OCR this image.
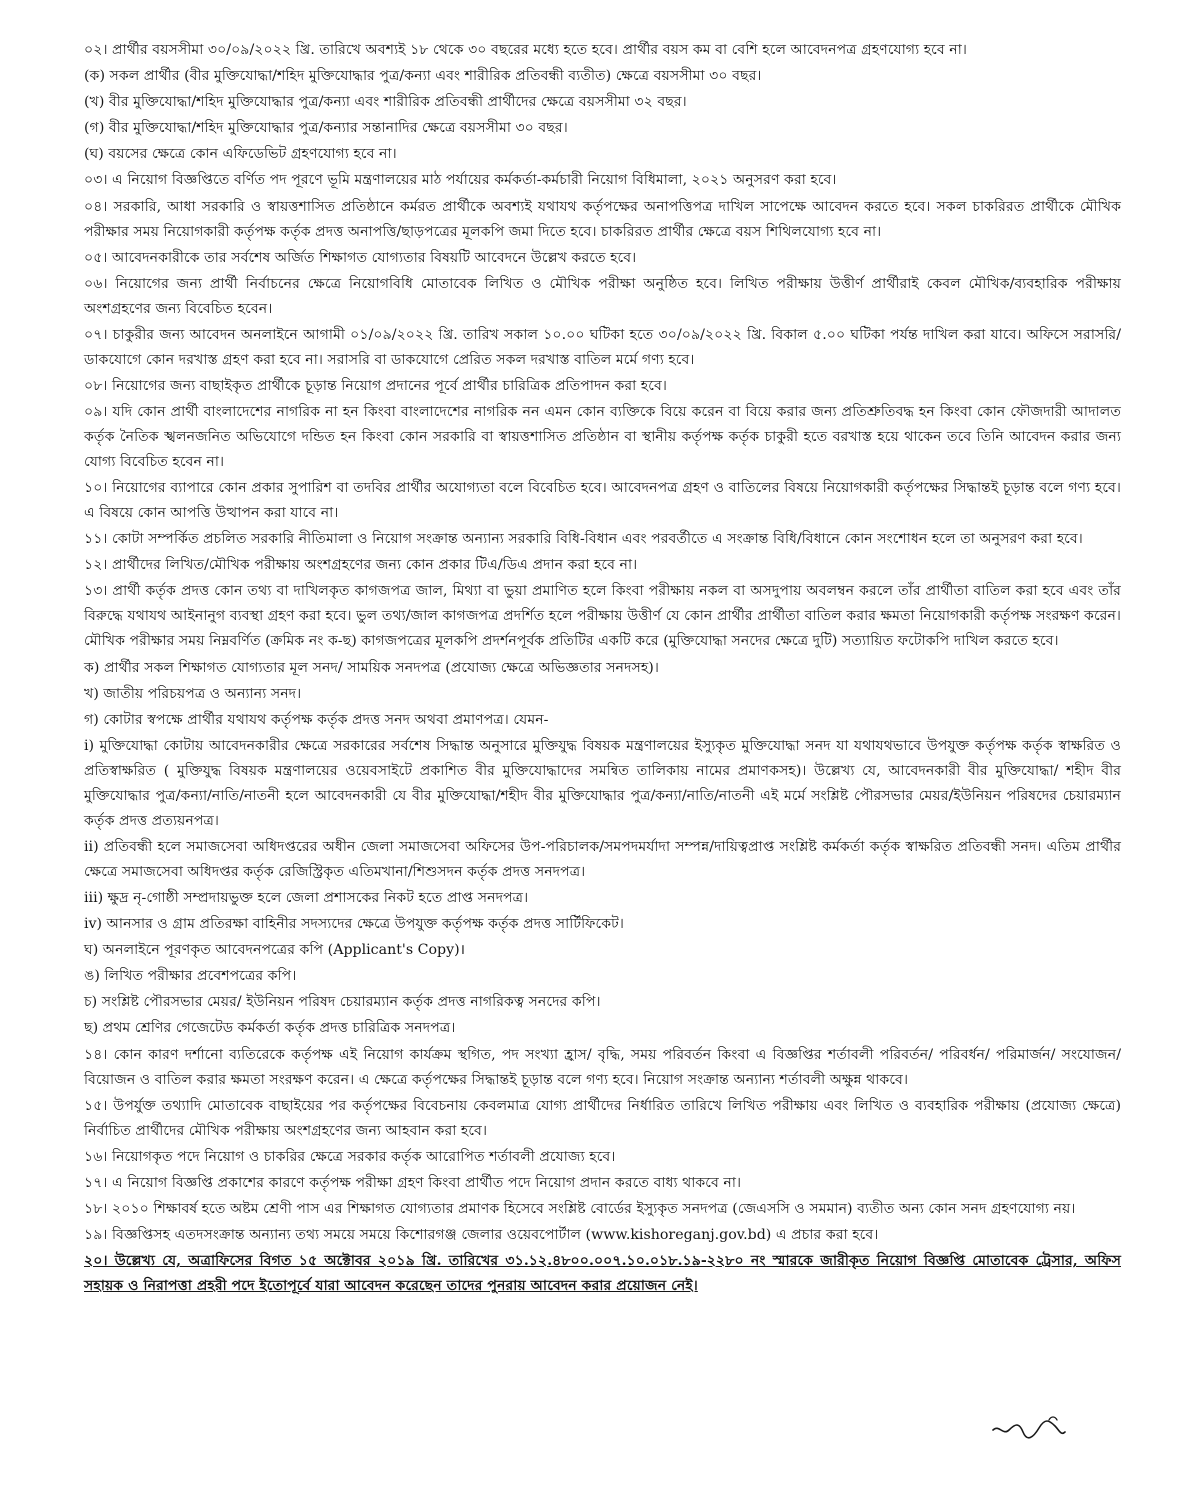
০২। প্রার্থীর বয়সসীমা ৩০/০৯/২০২২ খ্রি. তারিখে অবশ্যই ১৮ থেকে ৩০ বছরের মধ্যে হতে হবে। প্রার্থীর বয়স কম বা বেশি হলে আবেদনপত্র গ্রহণযোগ্য হবে না।

(ক) সকল প্রার্থীর (বীর মুক্তিযোদ্ধা/শহিদ মুক্তিযোদ্ধার পুত্র/কন্যা এবং শারীরিক প্রতিবন্ধী ব্যতীত) ক্ষেত্রে বয়সসীমা ৩০ বছর।

(খ) বীর মুক্তিযোদ্ধা/শহিদ মুক্তিযোদ্ধার পুত্র/কন্যা এবং শারীরিক প্রতিবন্ধী প্রার্থীদের ক্ষেত্রে বয়সসীমা ৩২ বছর।

(গ) বীর মুক্তিযোদ্ধা/শহিদ মুক্তিযোদ্ধার পুত্র/কন্যার সন্তানাদির ক্ষেত্রে বয়সসীমা ৩০ বছর।

(ঘ) বয়সের ক্ষেত্রে কোন এফিডেভিট গ্রহণযোগ্য হবে না।

০৩। এ নিয়োগ বিজ্ঞপ্তিতে বর্ণিত পদ পূরণে ভূমি মন্ত্রণালয়ের মাঠ পর্যায়ের কর্মকর্তা-কর্মচারী নিয়োগ বিধিমালা, ২০২১ অনুসরণ করা হবে।

০৪। সরকারি, আধা সরকারি ও স্বায়ত্তশাসিত প্রতিষ্ঠানে কর্মরত প্রার্থীকে অবশ্যই যথাযথ কর্তৃপক্ষের অনাপত্তিপত্র দাখিল সাপেক্ষে আবেদন করতে হবে। সকল চাকরিরত প্রার্থীকে মৌখিক পরীক্ষার সময় নিয়োগকারী কর্তৃপক্ষ কর্তৃক প্রদত্ত অনাপত্তি/ছাড়পত্রের মূলকপি জমা দিতে হবে। চাকরিরত প্রার্থীর ক্ষেত্রে বয়স শিথিলযোগ্য হবে না।

০৫। আবেদনকারীকে তার সর্বশেষ অর্জিত শিক্ষাগত যোগ্যতার বিষয়টি আবেদনে উল্লেখ করতে হবে।

০৬। নিয়োগের জন্য প্রার্থী নির্বাচনের ক্ষেত্রে নিয়োগবিধি মোতাবেক লিখিত ও মৌখিক পরীক্ষা অনুষ্ঠিত হবে। লিখিত পরীক্ষায় উত্তীর্ণ প্রার্থীরাই কেবল মৌখিক/ব্যবহারিক পরীক্ষায় অংশগ্রহণের জন্য বিবেচিত হবেন।

০৭। চাকুরীর জন্য আবেদন অনলাইনে আগামী ০১/০৯/২০২২ খ্রি. তারিখ সকাল ১০.০০ ঘটিকা হতে ৩০/০৯/২০২২ খ্রি. বিকাল ৫.০০ ঘটিকা পর্যন্ত দাখিল করা যাবে। অফিসে সরাসরি/ডাকযোগে কোন দরখাস্ত গ্রহণ করা হবে না। সরাসরি বা ডাকযোগে প্রেরিত সকল দরখাস্ত বাতিল মর্মে গণ্য হবে।

০৮। নিয়োগের জন্য বাছাইকৃত প্রার্থীকে চূড়ান্ত নিয়োগ প্রদানের পূর্বে প্রার্থীর চারিত্রিক প্রতিপাদন করা হবে।

০৯। যদি কোন প্রার্থী বাংলাদেশের নাগরিক না হন কিংবা বাংলাদেশের নাগরিক নন এমন কোন ব্যক্তিকে বিয়ে করেন বা বিয়ে করার জন্য প্রতিশ্রুতিবদ্ধ হন কিংবা কোন ফৌজদারী আদালত কর্তৃক নৈতিক স্খলনজনিত অভিযোগে দন্ডিত হন কিংবা কোন সরকারি বা স্বায়ত্তশাসিত প্রতিষ্ঠান বা স্থানীয় কর্তৃপক্ষ কর্তৃক চাকুরী হতে বরখাস্ত হয়ে থাকেন তবে তিনি আবেদন করার জন্য যোগ্য বিবেচিত হবেন না।

১০। নিয়োগের ব্যাপারে কোন প্রকার সুপারিশ বা তদবির প্রার্থীর অযোগ্যতা বলে বিবেচিত হবে। আবেদনপত্র গ্রহণ ও বাতিলের বিষয়ে নিয়োগকারী কর্তৃপক্ষের সিদ্ধান্তই চূড়ান্ত বলে গণ্য হবে। এ বিষয়ে কোন আপত্তি উত্থাপন করা যাবে না।

১১। কোটা সম্পর্কিত প্রচলিত সরকারি নীতিমালা ও নিয়োগ সংক্রান্ত অন্যান্য সরকারি বিধি-বিধান এবং পরবর্তীতে এ সংক্রান্ত বিধি/বিধানে কোন সংশোধন হলে তা অনুসরণ করা হবে।

১২। প্রার্থীদের লিখিত/মৌখিক পরীক্ষায় অংশগ্রহণের জন্য কোন প্রকার টিএ/ডিএ প্রদান করা হবে না।

১৩। প্রার্থী কর্তৃক প্রদত্ত কোন তথ্য বা দাখিলকৃত কাগজপত্র জাল, মিথ্যা বা ভুয়া প্রমাণিত হলে কিংবা পরীক্ষায় নকল বা অসদুপায় অবলম্বন করলে তাঁর প্রার্থীতা বাতিল করা হবে এবং তাঁর বিরুদ্ধে যথাযথ আইনানুগ ব্যবস্থা গ্রহণ করা হবে। ভুল তথ্য/জাল কাগজপত্র প্রদর্শিত হলে পরীক্ষায় উত্তীর্ণ যে কোন প্রার্থীর প্রার্থীতা বাতিল করার ক্ষমতা নিয়োগকারী কর্তৃপক্ষ সংরক্ষণ করেন। মৌখিক পরীক্ষার সময় নিম্নবর্ণিত (ক্রমিক নং ক-ছ) কাগজপত্রের মূলকপি প্রদর্শনপূর্বক প্রতিটির একটি করে (মুক্তিযোদ্ধা সনদের ক্ষেত্রে দুটি) সত্যায়িত ফটোকপি দাখিল করতে হবে।

ক) প্রার্থীর সকল শিক্ষাগত যোগ্যতার মূল সনদ/ সাময়িক সনদপত্র (প্রযোজ্য ক্ষেত্রে অভিজ্ঞতার সনদসহ)।

খ) জাতীয় পরিচয়পত্র ও অন্যান্য সনদ।

গ) কোটার স্বপক্ষে প্রার্থীর যথাযথ কর্তৃপক্ষ কর্তৃক প্রদত্ত সনদ অথবা প্রমাণপত্র। যেমন-

i) মুক্তিযোদ্ধা কোটায় আবেদনকারীর ক্ষেত্রে সরকারের সর্বশেষ সিদ্ধান্ত অনুসারে মুক্তিযুদ্ধ বিষয়ক মন্ত্রণালয়ের ইস্যুকৃত মুক্তিযোদ্ধা সনদ যা যথাযথভাবে উপযুক্ত কর্তৃপক্ষ কর্তৃক স্বাক্ষরিত ও প্রতিস্বাক্ষরিত ( মুক্তিযুদ্ধ বিষয়ক মন্ত্রণালয়ের ওয়েবসাইটে প্রকাশিত বীর মুক্তিযোদ্ধাদের সমন্বিত তালিকায় নামের প্রমাণকসহ)। উল্লেখ্য যে, আবেদনকারী বীর মুক্তিযোদ্ধা/ শহীদ বীর মুক্তিযোদ্ধার পুত্র/কন্যা/নাতি/নাতনী হলে আবেদনকারী যে বীর মুক্তিযোদ্ধা/শহীদ বীর মুক্তিযোদ্ধার পুত্র/কন্যা/নাতি/নাতনী এই মর্মে সংশ্লিষ্ট পৌরসভার মেয়র/ইউনিয়ন পরিষদের চেয়ারম্যান কর্তৃক প্রদত্ত প্রত্যয়নপত্র।

ii) প্রতিবন্ধী হলে সমাজসেবা অধিদপ্তরের অধীন জেলা সমাজসেবা অফিসের উপ-পরিচালক/সমপদমর্যাদা সম্পন্ন/দায়িত্বপ্রাপ্ত সংশ্লিষ্ট কর্মকর্তা কর্তৃক স্বাক্ষরিত প্রতিবন্ধী সনদ। এতিম প্রার্থীর ক্ষেত্রে সমাজসেবা অধিদপ্তর কর্তৃক রেজিস্ট্রিকৃত এতিমখানা/শিশুসদন কর্তৃক প্রদত্ত সনদপত্র।

iii) ক্ষুদ্র নৃ-গোষ্ঠী সম্প্রদায়ভুক্ত হলে জেলা প্রশাসকের নিকট হতে প্রাপ্ত সনদপত্র।

iv) আনসার ও গ্রাম প্রতিরক্ষা বাহিনীর সদস্যদের ক্ষেত্রে উপযুক্ত কর্তৃপক্ষ কর্তৃক প্রদত্ত সার্টিফিকেট।

ঘ) অনলাইনে পূরণকৃত আবেদনপত্রের কপি (Applicant's Copy)।

ঙ) লিখিত পরীক্ষার প্রবেশপত্রের কপি।

চ) সংশ্লিষ্ট পৌরসভার মেয়র/ ইউনিয়ন পরিষদ চেয়ারম্যান কর্তৃক প্রদত্ত নাগরিকত্ব সনদের কপি।

ছ) প্রথম শ্রেণির গেজেটেড কর্মকর্তা কর্তৃক প্রদত্ত চারিত্রিক সনদপত্র।

১৪। কোন কারণ দর্শানো ব্যতিরেকে কর্তৃপক্ষ এই নিয়োগ কার্যক্রম স্থগিত, পদ সংখ্যা হ্রাস/ বৃদ্ধি, সময় পরিবর্তন কিংবা এ বিজ্ঞপ্তির শর্তাবলী পরিবর্তন/ পরিবর্ধন/ পরিমার্জন/ সংযোজন/ বিয়োজন ও বাতিল করার ক্ষমতা সংরক্ষণ করেন। এ ক্ষেত্রে কর্তৃপক্ষের সিদ্ধান্তই চূড়ান্ত বলে গণ্য হবে। নিয়োগ সংক্রান্ত অন্যান্য শর্তাবলী অক্ষুন্ন থাকবে।

১৫। উপর্যুক্ত তথ্যাদি মোতাবেক বাছাইয়ের পর কর্তৃপক্ষের বিবেচনায় কেবলমাত্র যোগ্য প্রার্থীদের নির্ধারিত তারিখে লিখিত পরীক্ষায় এবং লিখিত ও ব্যবহারিক পরীক্ষায় (প্রযোজ্য ক্ষেত্রে) নির্বাচিত প্রার্থীদের মৌখিক পরীক্ষায় অংশগ্রহণের জন্য আহবান করা হবে।

১৬। নিয়োগকৃত পদে নিয়োগ ও চাকরির ক্ষেত্রে সরকার কর্তৃক আরোপিত শর্তাবলী প্রযোজ্য হবে।

১৭। এ নিয়োগ বিজ্ঞপ্তি প্রকাশের কারণে কর্তৃপক্ষ পরীক্ষা গ্রহণ কিংবা প্রার্থীত পদে নিয়োগ প্রদান করতে বাধ্য থাকবে না।

১৮। ২০১০ শিক্ষাবর্ষ হতে অষ্টম শ্রেণী পাস এর শিক্ষাগত যোগ্যতার প্রমাণক হিসেবে সংশ্লিষ্ট বোর্ডের ইস্যুকৃত সনদপত্র (জেএসসি ও সমমান) ব্যতীত অন্য কোন সনদ গ্রহণযোগ্য নয়।

১৯। বিজ্ঞপ্তিসহ এতদসংক্রান্ত অন্যান্য তথ্য সময়ে সময়ে কিশোরগঞ্জ জেলার ওয়েবপোর্টাল (www.kishoreganj.gov.bd) এ প্রচার করা হবে।

২০। উল্লেখ্য যে, অত্রাফিসের বিগত ১৫ অক্টোবর ২০১৯ খ্রি. তারিখের ৩১.১২.৪৮০০.০০৭.১০.০১৮.১৯-২২৮০ নং স্মারকে জারীকৃত নিয়োগ বিজ্ঞপ্তি মোতাবেক ট্রেসার, অফিস সহায়ক ও নিরাপত্তা প্রহরী পদে ইতোপূর্বে যারা আবেদন করেছেন তাদের পুনরায় আবেদন করার প্রয়োজন নেই।
